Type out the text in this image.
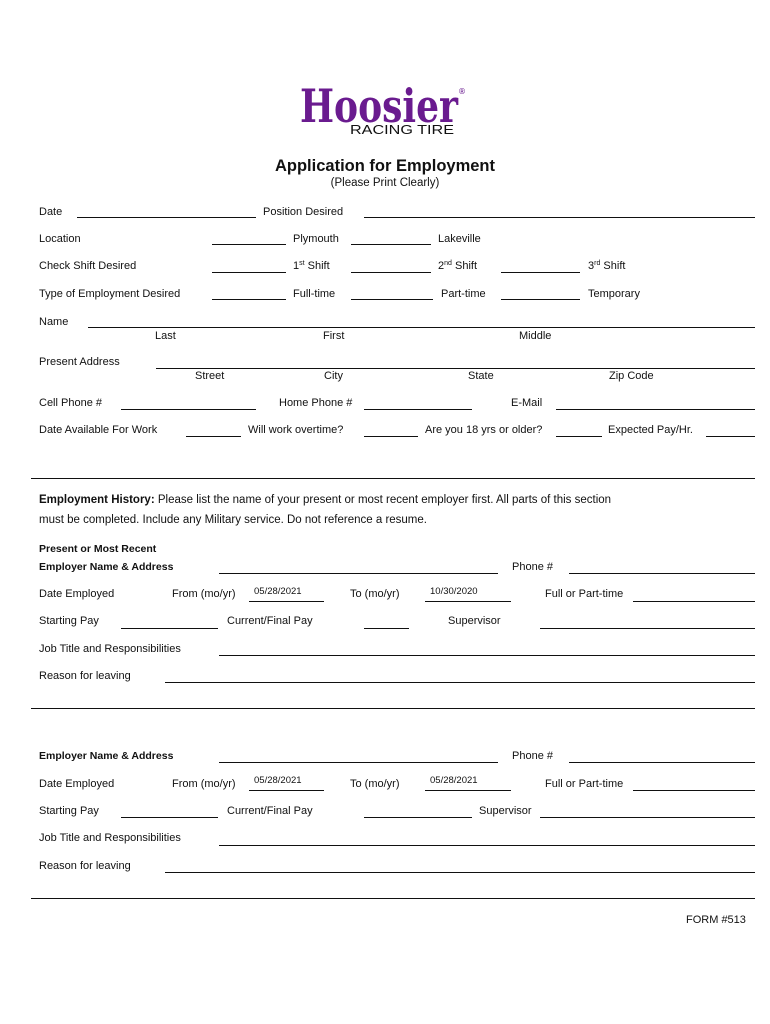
Hoosier ®
RACING TIRE
Application for Employment
(Please Print Clearly)
Date	Position Desired
Location	Plymouth	Lakeville
Check Shift Desired	1st Shift	2nd Shift	3rd Shift
Type of Employment Desired	Full-time	Part-time	Temporary
Name
Last	First	Middle
Present Address
Street	City	State	Zip Code
Cell Phone #	Home Phone #	E-Mail
Date Available For Work	Will work overtime?	Are you 18 yrs or older?	Expected Pay/Hr.
Employment History: Please list the name of your present or most recent employer first. All parts of this section
must be completed. Include any Military service. Do not reference a resume.
Present or Most Recent
Employer Name & Address	Phone #
Date Employed	From (mo/yr) 05/28/2021	To (mo/yr)	10/30/2020	Full or Part-time
Starting Pay	Current/Final Pay	Supervisor
Job Title and Responsibilities
Reason for leaving
Employer Name & Address	Phone #
Date Employed	From (mo/yr) 05/28/2021	To (mo/yr)	05/28/2021	Full or Part-time
Starting Pay	Current/Final Pay	Supervisor
Job Title and Responsibilities
Reason for leaving
FORM #513
